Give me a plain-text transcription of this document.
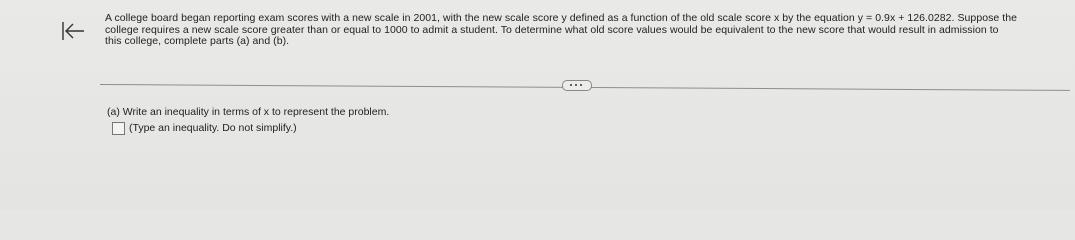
A college board began reporting exam scores with a new scale in 2001, with the new scale score y defined as a function of the old scale score x by the equation y = 0.9x + 126.0282. Suppose the
college requires a new scale score greater than or equal to 1000 to admit a student. To determine what old score values would be equivalent to the new score that would result in admission to
this college, complete parts (a) and (b).
(a) Write an inequality in terms of x to represent the problem.
(Type an inequality. Do not simplify.)
